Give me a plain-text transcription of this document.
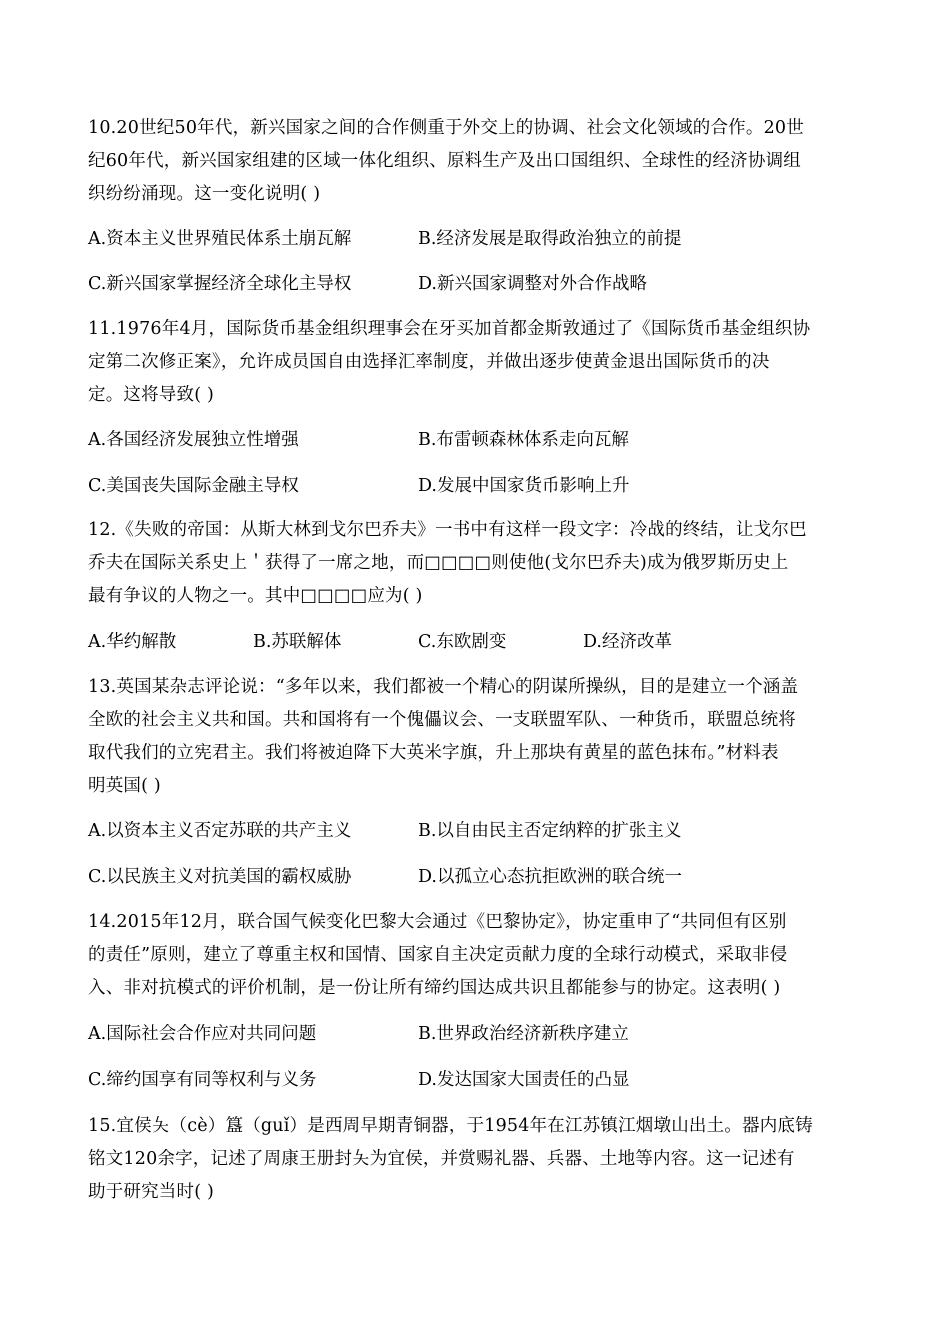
10.20世纪50年代，新兴国家之间的合作侧重于外交上的协调、社会文化领域的合作。20世
纪60年代，新兴国家组建的区域一体化组织、原料生产及出口国组织、全球性的经济协调组
织纷纷涌现。这一变化说明( )
A.资本主义世界殖民体系土崩瓦解	B.经济发展是取得政治独立的前提
C.新兴国家掌握经济全球化主导权	D.新兴国家调整对外合作战略
11.1976年4月，国际货币基金组织理事会在牙买加首都金斯敦通过了《国际货币基金组织协
定第二次修正案》，允许成员国自由选择汇率制度，并做出逐步使黄金退出国际货币的决
定。这将导致( )
A.各国经济发展独立性增强	B.布雷顿森林体系走向瓦解
C.美国丧失国际金融主导权	D.发展中国家货币影响上升
12.《失败的帝国：从斯大林到戈尔巴乔夫》一书中有这样一段文字：冷战的终结，让戈尔巴
乔夫在国际关系史上＇获得了一席之地，而□□□□则使他(戈尔巴乔夫)成为俄罗斯历史上
最有争议的人物之一。其中□□□□应为( )
A.华约解散	B.苏联解体	C.东欧剧变	D.经济改革
13.英国某杂志评论说：“多年以来，我们都被一个精心的阴谋所操纵，目的是建立一个涵盖
全欧的社会主义共和国。共和国将有一个傀儡议会、一支联盟军队、一种货币，联盟总统将
取代我们的立宪君主。我们将被迫降下大英米字旗，升上那块有黄星的蓝色抹布。”材料表
明英国( )
A.以资本主义否定苏联的共产主义	B.以自由民主否定纳粹的扩张主义
C.以民族主义对抗美国的霸权威胁	D.以孤立心态抗拒欧洲的联合统一
14.2015年12月，联合国气候变化巴黎大会通过《巴黎协定》，协定重申了“共同但有区别
的责任”原则，建立了尊重主权和国情、国家自主决定贡献力度的全球行动模式，采取非侵
入、非对抗模式的评价机制，是一份让所有缔约国达成共识且都能参与的协定。这表明( )
A.国际社会合作应对共同问题	B.世界政治经济新秩序建立
C.缔约国享有同等权利与义务	D.发达国家大国责任的凸显
15.宜侯夨（cè）簋（guǐ）是西周早期青铜器，于1954年在江苏镇江烟墩山出土。器内底铸
铭文120余字，记述了周康王册封夨为宜侯，并赏赐礼器、兵器、土地等内容。这一记述有
助于研究当时( )
